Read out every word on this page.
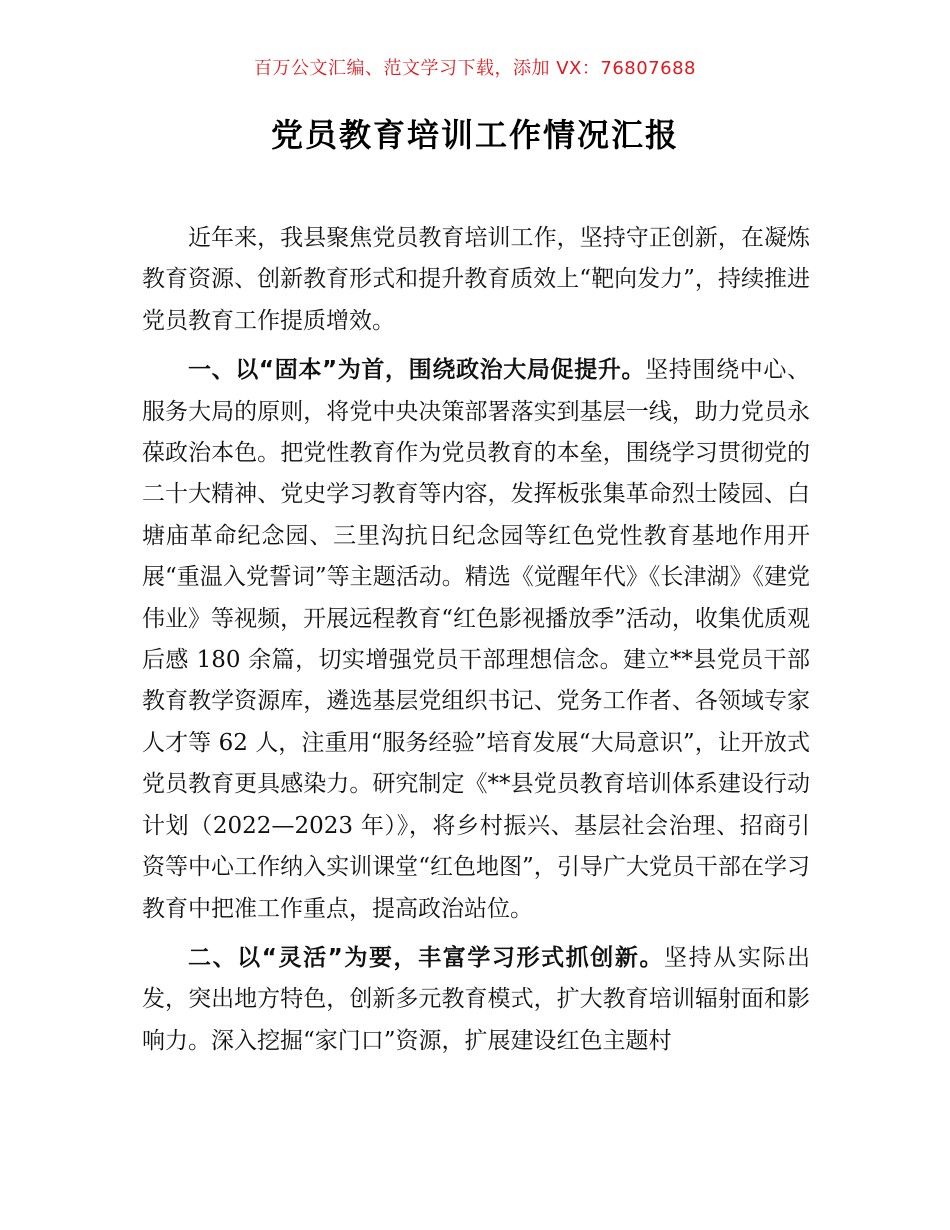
百万公文汇编、范文学习下载，添加 VX：76807688
党员教育培训工作情况汇报

近年来，我县聚焦党员教育培训工作，坚持守正创新，在凝炼教育资源、创新教育形式和提升教育质效上“靶向发力”，持续推进党员教育工作提质增效。

一、以“固本”为首，围绕政治大局促提升。坚持围绕中心、服务大局的原则，将党中央决策部署落实到基层一线，助力党员永葆政治本色。把党性教育作为党员教育的本垒，围绕学习贯彻党的二十大精神、党史学习教育等内容，发挥板张集革命烈士陵园、白塘庙革命纪念园、三里沟抗日纪念园等红色党性教育基地作用开展“重温入党誓词”等主题活动。精选《觉醒年代》《长津湖》《建党伟业》等视频，开展远程教育“红色影视播放季”活动，收集优质观后感 180 余篇，切实增强党员干部理想信念。建立**县党员干部教育教学资源库，遴选基层党组织书记、党务工作者、各领域专家人才等 62 人，注重用“服务经验”培育发展“大局意识”，让开放式党员教育更具感染力。研究制定《**县党员教育培训体系建设行动计划（2022—2023 年）》，将乡村振兴、基层社会治理、招商引资等中心工作纳入实训课堂“红色地图”，引导广大党员干部在学习教育中把准工作重点，提高政治站位。

二、以“灵活”为要，丰富学习形式抓创新。坚持从实际出发，突出地方特色，创新多元教育模式，扩大教育培训辐射面和影响力。深入挖掘“家门口”资源，扩展建设红色主题村
